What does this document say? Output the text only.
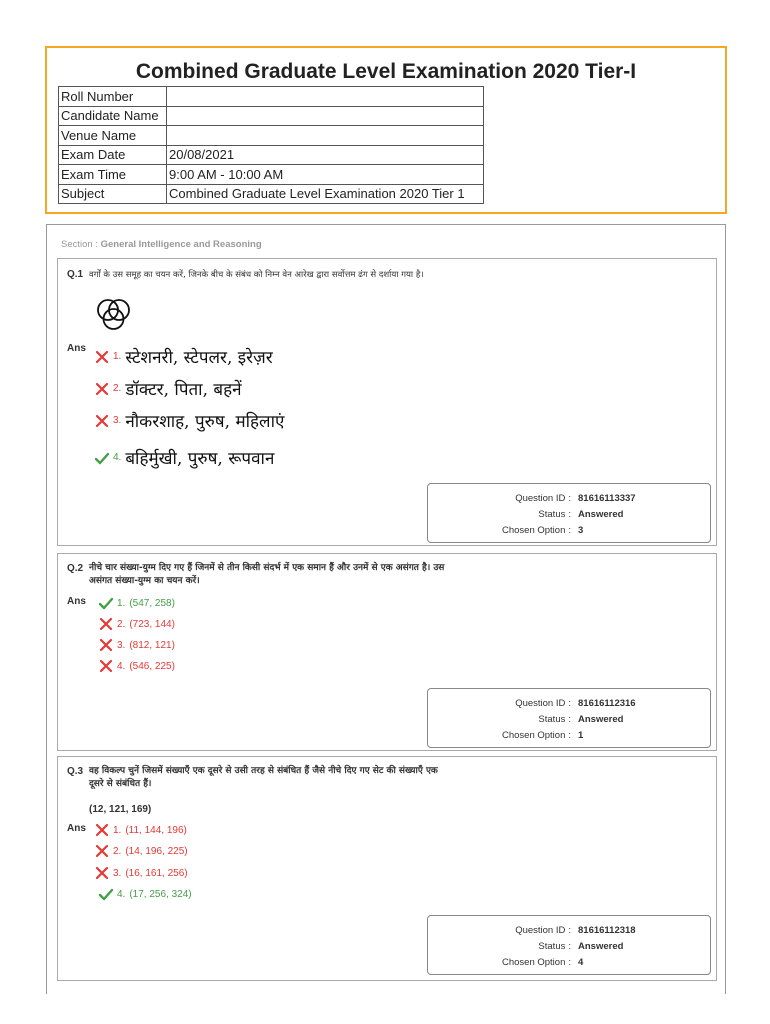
Combined Graduate Level Examination 2020 Tier-I
Roll Number	
Candidate Name	
Venue Name	
Exam Date	20/08/2021
Exam Time	9:00 AM - 10:00 AM
Subject	Combined Graduate Level Examination 2020 Tier 1
Section : General Intelligence and Reasoning
Q.1 वर्गों के उस समूह का चयन करें, जिनके बीच के संबंध को निम्न वेन आरेख द्वारा सर्वोत्तम ढंग से दर्शाया गया है।
Ans
1. स्टेशनरी, स्टेपलर, इरेज़र
2. डॉक्टर, पिता, बहनें
3. नौकरशाह, पुरुष, महिलाएं
4. बहिर्मुखी, पुरुष, रूपवान
Question ID : 81616113337
Status : Answered
Chosen Option : 3
Q.2 नीचे चार संख्या-युग्म दिए गए हैं जिनमें से तीन किसी संदर्भ में एक समान हैं और उनमें से एक असंगत है। उस
असंगत संख्या-युग्म का चयन करें।
Ans	1. (547, 258)
2. (723, 144)
3. (812, 121)
4. (546, 225)
Question ID : 81616112316
Status : Answered
Chosen Option : 1
Q.3 वह विकल्प चुनें जिसमें संख्याएँ एक दूसरे से उसी तरह से संबंधित हैं जैसे नीचे दिए गए सेट की संख्याएँ एक
दूसरे से संबंधित हैं।
(12, 121, 169)
Ans	1. (11, 144, 196)
2. (14, 196, 225)
3. (16, 161, 256)
4. (17, 256, 324)
Question ID : 81616112318
Status : Answered
Chosen Option : 4
